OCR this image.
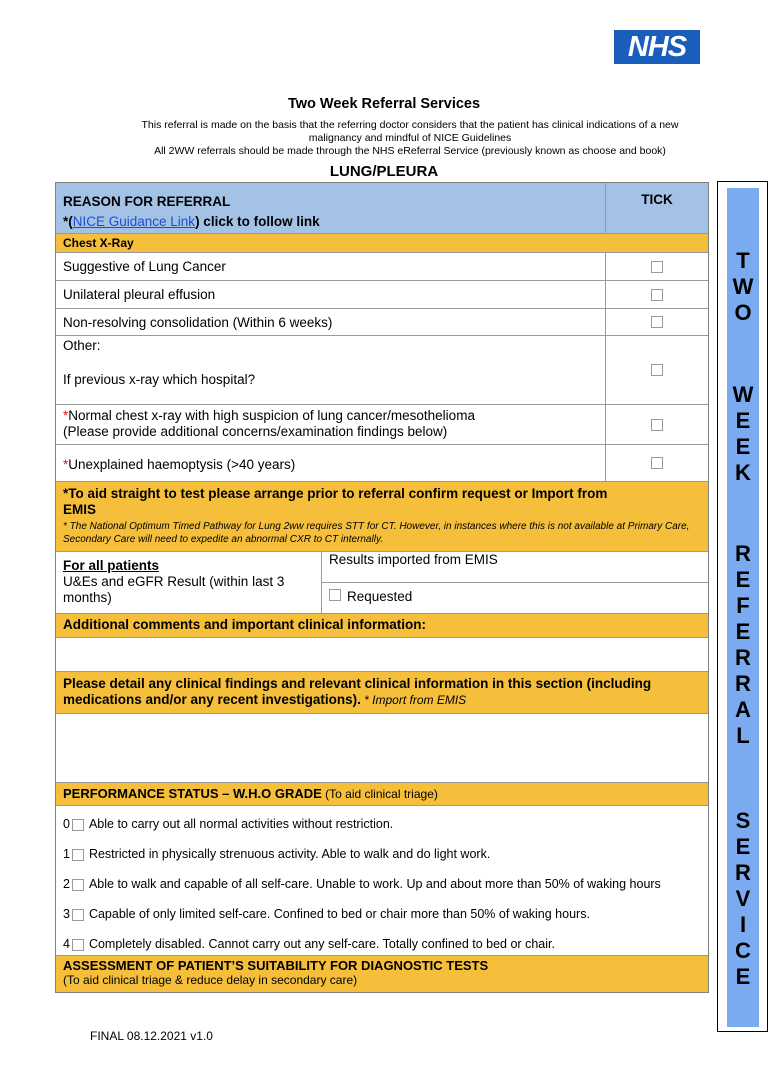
NHS
Two Week Referral Services
This referral is made on the basis that the referring doctor considers that the patient has clinical indications of a new
malignancy and mindful of NICE Guidelines
All 2WW referrals should be made through the NHS eReferral Service (previously known as choose and book)
LUNG/PLEURA
REASON FOR REFERRAL
*(NICE Guidance Link) click to follow link
TICK
Chest X-Ray
Suggestive of Lung Cancer
Unilateral pleural effusion
Non-resolving consolidation (Within 6 weeks)
Other:
If previous x-ray which hospital?
*Normal chest x-ray with high suspicion of lung cancer/mesothelioma
(Please provide additional concerns/examination findings below)
*Unexplained haemoptysis (>40 years)
*To aid straight to test please arrange prior to referral confirm request or Import from
EMIS
* The National Optimum Timed Pathway for Lung 2ww requires STT for CT. However, in instances where this is not available at Primary Care, Secondary Care will need to expedite an abnormal CXR to CT internally.
For all patients
U&Es and eGFR Result (within last 3 months)
Results imported from EMIS
Requested
Additional comments and important clinical information:
Please detail any clinical findings and relevant clinical information in this section (including medications and/or any recent investigations). * Import from EMIS
PERFORMANCE STATUS – W.H.O GRADE (To aid clinical triage)
0 Able to carry out all normal activities without restriction.
1 Restricted in physically strenuous activity. Able to walk and do light work.
2 Able to walk and capable of all self-care. Unable to work. Up and about more than 50% of waking hours
3 Capable of only limited self-care. Confined to bed or chair more than 50% of waking hours.
4 Completely disabled. Cannot carry out any self-care. Totally confined to bed or chair.
ASSESSMENT OF PATIENT’S SUITABILITY FOR DIAGNOSTIC TESTS
(To aid clinical triage & reduce delay in secondary care)
T
W
O
W
E
E
K
R
E
F
E
R
R
A
L
S
E
R
V
I
C
E
FINAL 08.12.2021 v1.0
